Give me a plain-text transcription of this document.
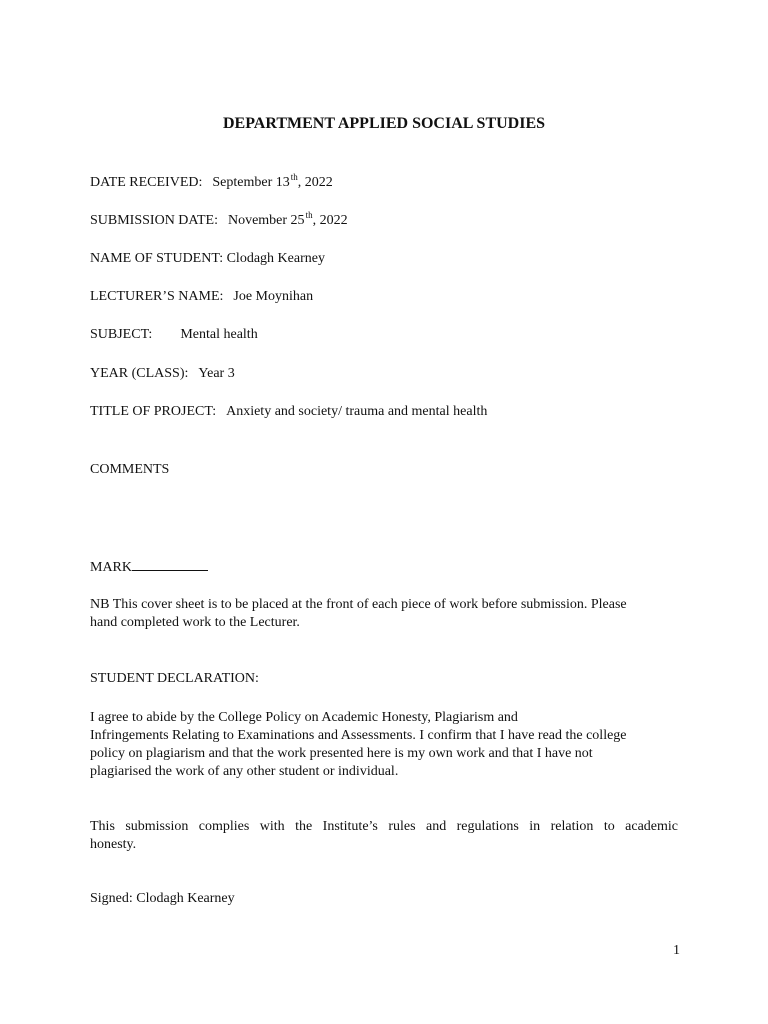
DEPARTMENT APPLIED SOCIAL STUDIES
DATE RECEIVED: September 13th, 2022
SUBMISSION DATE: November 25th, 2022
NAME OF STUDENT: Clodagh Kearney
LECTURER’S NAME: Joe Moynihan
SUBJECT: Mental health
YEAR (CLASS): Year 3
TITLE OF PROJECT: Anxiety and society/ trauma and mental health
COMMENTS
MARK
NB This cover sheet is to be placed at the front of each piece of work before submission. Please
hand completed work to the Lecturer.
STUDENT DECLARATION:
I agree to abide by the College Policy on Academic Honesty, Plagiarism and
Infringements Relating to Examinations and Assessments. I confirm that I have read the college
policy on plagiarism and that the work presented here is my own work and that I have not
plagiarised the work of any other student or individual.
This submission complies with the Institute’s rules and regulations in relation to academic
honesty.
Signed: Clodagh Kearney
1
